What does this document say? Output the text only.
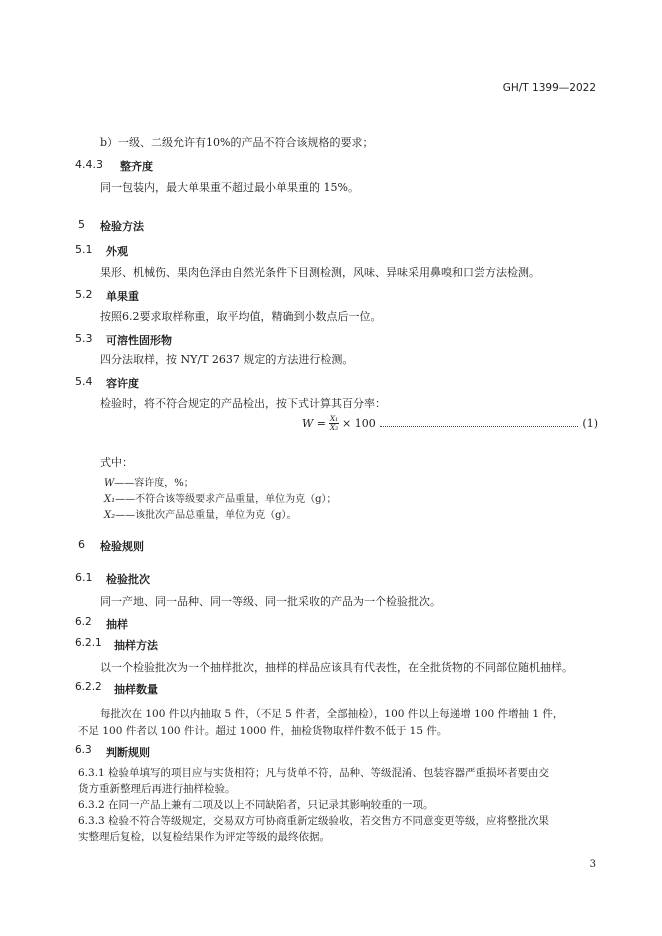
GH/T 1399—2022
b）一级、二级允许有10%的产品不符合该规格的要求；
4.4.3 整齐度
同一包装内，最大单果重不超过最小单果重的 15%。
5 检验方法
5.1 外观
果形、机械伤、果肉色泽由自然光条件下目测检测，风味、异味采用鼻嗅和口尝方法检测。
5.2 单果重
按照6.2要求取样称重，取平均值，精确到小数点后一位。
5.3 可溶性固形物
四分法取样，按 NY/T 2637 规定的方法进行检测。
5.4 容许度
检验时，将不符合规定的产品检出，按下式计算其百分率：
$W = \frac{\text{X₁}}{\text{X₂}} \times 100$	(1)
式中：
W——容许度，%；
X₁——不符合该等级要求产品重量，单位为克（g）；
X₂——该批次产品总重量，单位为克（g）。
6 检验规则
6.1 检验批次
同一产地、同一品种、同一等级、同一批采收的产品为一个检验批次。
6.2 抽样
6.2.1 抽样方法
以一个检验批次为一个抽样批次，抽样的样品应该具有代表性，在全批货物的不同部位随机抽样。
6.2.2 抽样数量
每批次在 100 件以内抽取 5 件，（不足 5 件者，全部抽检），100 件以上每递增 100 件增抽 1 件，
不足 100 件者以 100 件计。超过 1000 件，抽检货物取样件数不低于 15 件。
6.3 判断规则
6.3.1 检验单填写的项目应与实货相符；凡与货单不符，品种、等级混淆、包装容器严重损坏者要由交
货方重新整理后再进行抽样检验。
6.3.2 在同一产品上兼有二项及以上不同缺陷者，只记录其影响较重的一项。
6.3.3 检验不符合等级规定，交易双方可协商重新定级验收，若交售方不同意变更等级，应将整批次果
实整理后复检，以复检结果作为评定等级的最终依据。
3
